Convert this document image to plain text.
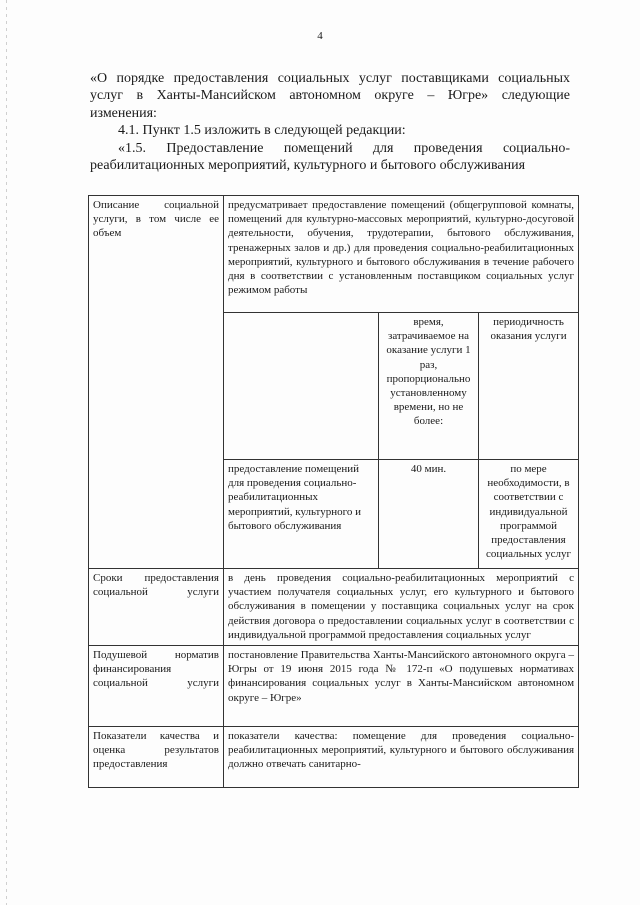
4

«О порядке предоставления социальных услуг поставщиками социальных

услуг в Ханты-Мансийском автономном округе – Югре» следующие

изменения:

4.1. Пункт 1.5 изложить в следующей редакции:

«1.5. Предоставление помещений для проведения социально-

реабилитационных мероприятий, культурного и бытового обслуживания

Описание социальной услуги, в том числе ее объем	предусматривает предоставление помещений (общегрупповой комнаты, помещений для культурно-массовых мероприятий, культурно-досуговой деятельности, обучения, трудотерапии, бытового обслуживания, тренажерных залов и др.) для проведения социально-реабилитационных мероприятий, культурного и бытового обслуживания в течение рабочего дня в соответствии с установленным поставщиком социальных услуг режимом работы		
		время, затрачиваемое на оказание услуги 1 раз, пропорционально установленному времени, но не более:	периодичность оказания услуги
	предоставление помещений для проведения социально-реабилитационных мероприятий, культурного и бытового обслуживания	40 мин.	по мере необходимости, в соответствии с индивидуальной программой предоставления социальных услуг
Сроки предоставления социальной услуги	в день проведения социально-реабилитационных мероприятий с участием получателя социальных услуг, его культурного и бытового обслуживания в помещении у поставщика социальных услуг на срок действия договора о предоставлении социальных услуг в соответствии с индивидуальной программой предоставления социальных услуг		
Подушевой норматив финансирования социальной услуги	постановление Правительства Ханты-Мансийского автономного округа – Югры от 19 июня 2015 года № 172-п «О подушевых нормативах финансирования социальных услуг в Ханты-Мансийском автономном округе – Югре»		
Показатели качества и оценка результатов предоставления	показатели качества: помещение для проведения социально-реабилитационных мероприятий, культурного и бытового обслуживания должно отвечать санитарно-		
